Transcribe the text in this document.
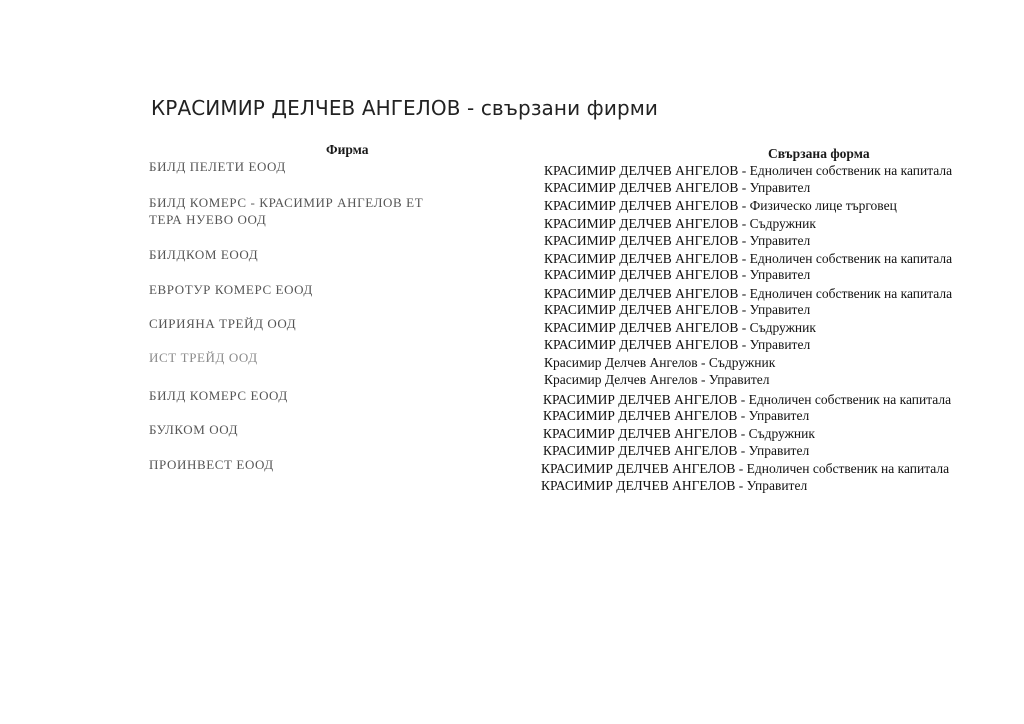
КРАСИМИР ДЕЛЧЕВ АНГЕЛОВ - свързани фирми
Фирма	Свързана форма
БИЛД ПЕЛЕТИ ЕООД
БИЛД КОМЕРС - КРАСИМИР АНГЕЛОВ ЕТ
ТЕРА НУЕВО ООД
БИЛДКОМ ЕООД
ЕВРОТУР КОМЕРС ЕООД
СИРИЯНА ТРЕЙД ООД
ИСТ ТРЕЙД ООД
БИЛД КОМЕРС ЕООД
БУЛКОМ ООД
ПРОИНВЕСТ ЕООД
КРАСИМИР ДЕЛЧЕВ АНГЕЛОВ - Едноличен собственик на капитала
КРАСИМИР ДЕЛЧЕВ АНГЕЛОВ - Управител
КРАСИМИР ДЕЛЧЕВ АНГЕЛОВ - Физическо лице търговец
КРАСИМИР ДЕЛЧЕВ АНГЕЛОВ - Съдружник
КРАСИМИР ДЕЛЧЕВ АНГЕЛОВ - Управител
КРАСИМИР ДЕЛЧЕВ АНГЕЛОВ - Едноличен собственик на капитала
КРАСИМИР ДЕЛЧЕВ АНГЕЛОВ - Управител
КРАСИМИР ДЕЛЧЕВ АНГЕЛОВ - Едноличен собственик на капитала
КРАСИМИР ДЕЛЧЕВ АНГЕЛОВ - Управител
КРАСИМИР ДЕЛЧЕВ АНГЕЛОВ - Съдружник
КРАСИМИР ДЕЛЧЕВ АНГЕЛОВ - Управител
Красимир Делчев Ангелов - Съдружник
Красимир Делчев Ангелов - Управител
КРАСИМИР ДЕЛЧЕВ АНГЕЛОВ - Едноличен собственик на капитала
КРАСИМИР ДЕЛЧЕВ АНГЕЛОВ - Управител
КРАСИМИР ДЕЛЧЕВ АНГЕЛОВ - Съдружник
КРАСИМИР ДЕЛЧЕВ АНГЕЛОВ - Управител
КРАСИМИР ДЕЛЧЕВ АНГЕЛОВ - Едноличен собственик на капитала
КРАСИМИР ДЕЛЧЕВ АНГЕЛОВ - Управител
